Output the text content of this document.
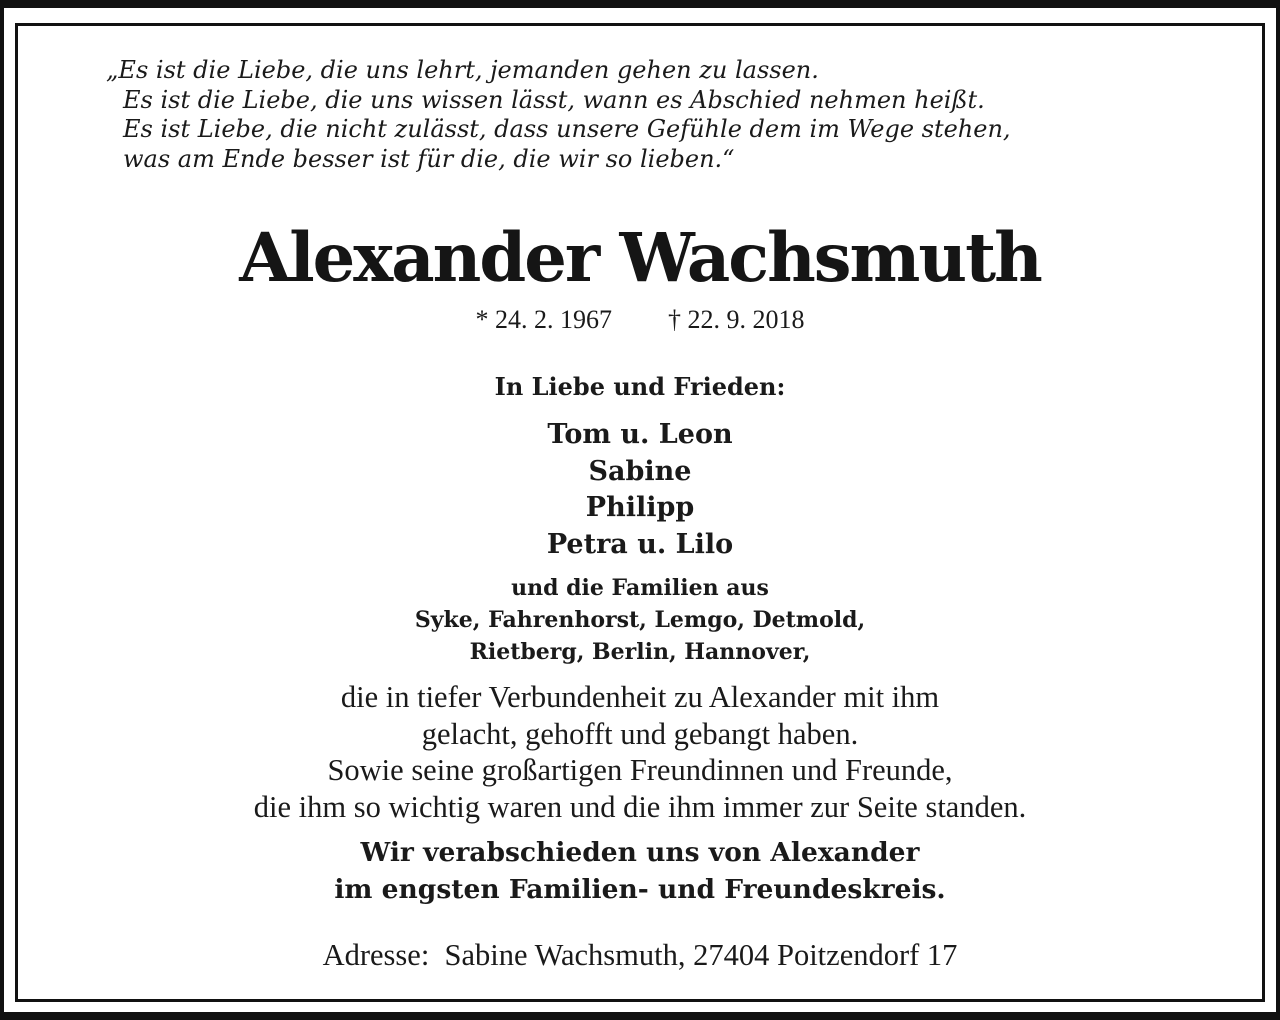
„Es ist die Liebe, die uns lehrt, jemanden gehen zu lassen.
Es ist die Liebe, die uns wissen lässt, wann es Abschied nehmen heißt.
Es ist Liebe, die nicht zulässt, dass unsere Gefühle dem im Wege stehen,
was am Ende besser ist für die, die wir so lieben.“
Alexander Wachsmuth
* 24. 2. 1967 † 22. 9. 2018
In Liebe und Frieden:
Tom u. Leon
Sabine
Philipp
Petra u. Lilo
und die Familien aus
Syke, Fahrenhorst, Lemgo, Detmold,
Rietberg, Berlin, Hannover,
die in tiefer Verbundenheit zu Alexander mit ihm
gelacht, gehofft und gebangt haben.
Sowie seine großartigen Freundinnen und Freunde,
die ihm so wichtig waren und die ihm immer zur Seite standen.
Wir verabschieden uns von Alexander
im engsten Familien- und Freundeskreis.
Adresse:  Sabine Wachsmuth, 27404 Poitzendorf 17
